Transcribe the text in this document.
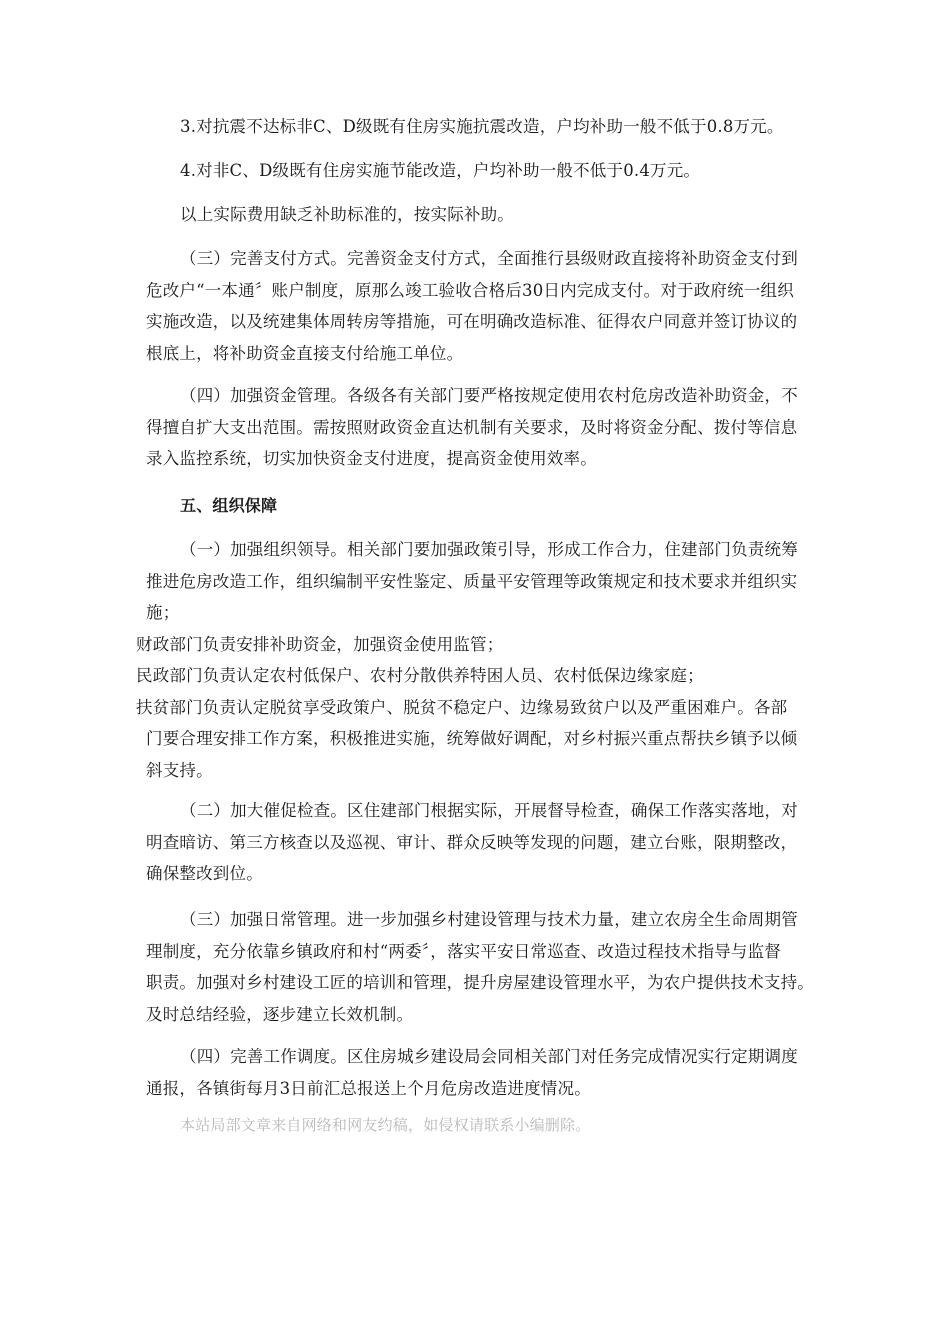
3.对抗震不达标非C、D级既有住房实施抗震改造，户均补助一般不低于0.8万元。
4.对非C、D级既有住房实施节能改造，户均补助一般不低于0.4万元。
以上实际费用缺乏补助标准的，按实际补助。
（三）完善支付方式。完善资金支付方式，全面推行县级财政直接将补助资金支付到
危改户“一本通〞账户制度，原那么竣工验收合格后30日内完成支付。对于政府统一组织
实施改造，以及统建集体周转房等措施，可在明确改造标准、征得农户同意并签订协议的
根底上，将补助资金直接支付给施工单位。
（四）加强资金管理。各级各有关部门要严格按规定使用农村危房改造补助资金，不
得擅自扩大支出范围。需按照财政资金直达机制有关要求，及时将资金分配、拨付等信息
录入监控系统，切实加快资金支付进度，提高资金使用效率。
五、组织保障
（一）加强组织领导。相关部门要加强政策引导，形成工作合力，住建部门负责统筹
推进危房改造工作，组织编制平安性鉴定、质量平安管理等政策规定和技术要求并组织实
施；
财政部门负责安排补助资金，加强资金使用监管；
民政部门负责认定农村低保户、农村分散供养特困人员、农村低保边缘家庭；
扶贫部门负责认定脱贫享受政策户、脱贫不稳定户、边缘易致贫户以及严重困难户。各部
门要合理安排工作方案，积极推进实施，统筹做好调配，对乡村振兴重点帮扶乡镇予以倾
斜支持。
（二）加大催促检查。区住建部门根据实际，开展督导检查，确保工作落实落地，对
明查暗访、第三方核查以及巡视、审计、群众反映等发现的问题，建立台账，限期整改，
确保整改到位。
（三）加强日常管理。进一步加强乡村建设管理与技术力量，建立农房全生命周期管
理制度，充分依靠乡镇政府和村“两委〞，落实平安日常巡查、改造过程技术指导与监督
职责。加强对乡村建设工匠的培训和管理，提升房屋建设管理水平，为农户提供技术支持。
及时总结经验，逐步建立长效机制。
（四）完善工作调度。区住房城乡建设局会同相关部门对任务完成情况实行定期调度
通报，各镇街每月3日前汇总报送上个月危房改造进度情况。
本站局部文章来自网络和网友约稿，如侵权请联系小编删除。
